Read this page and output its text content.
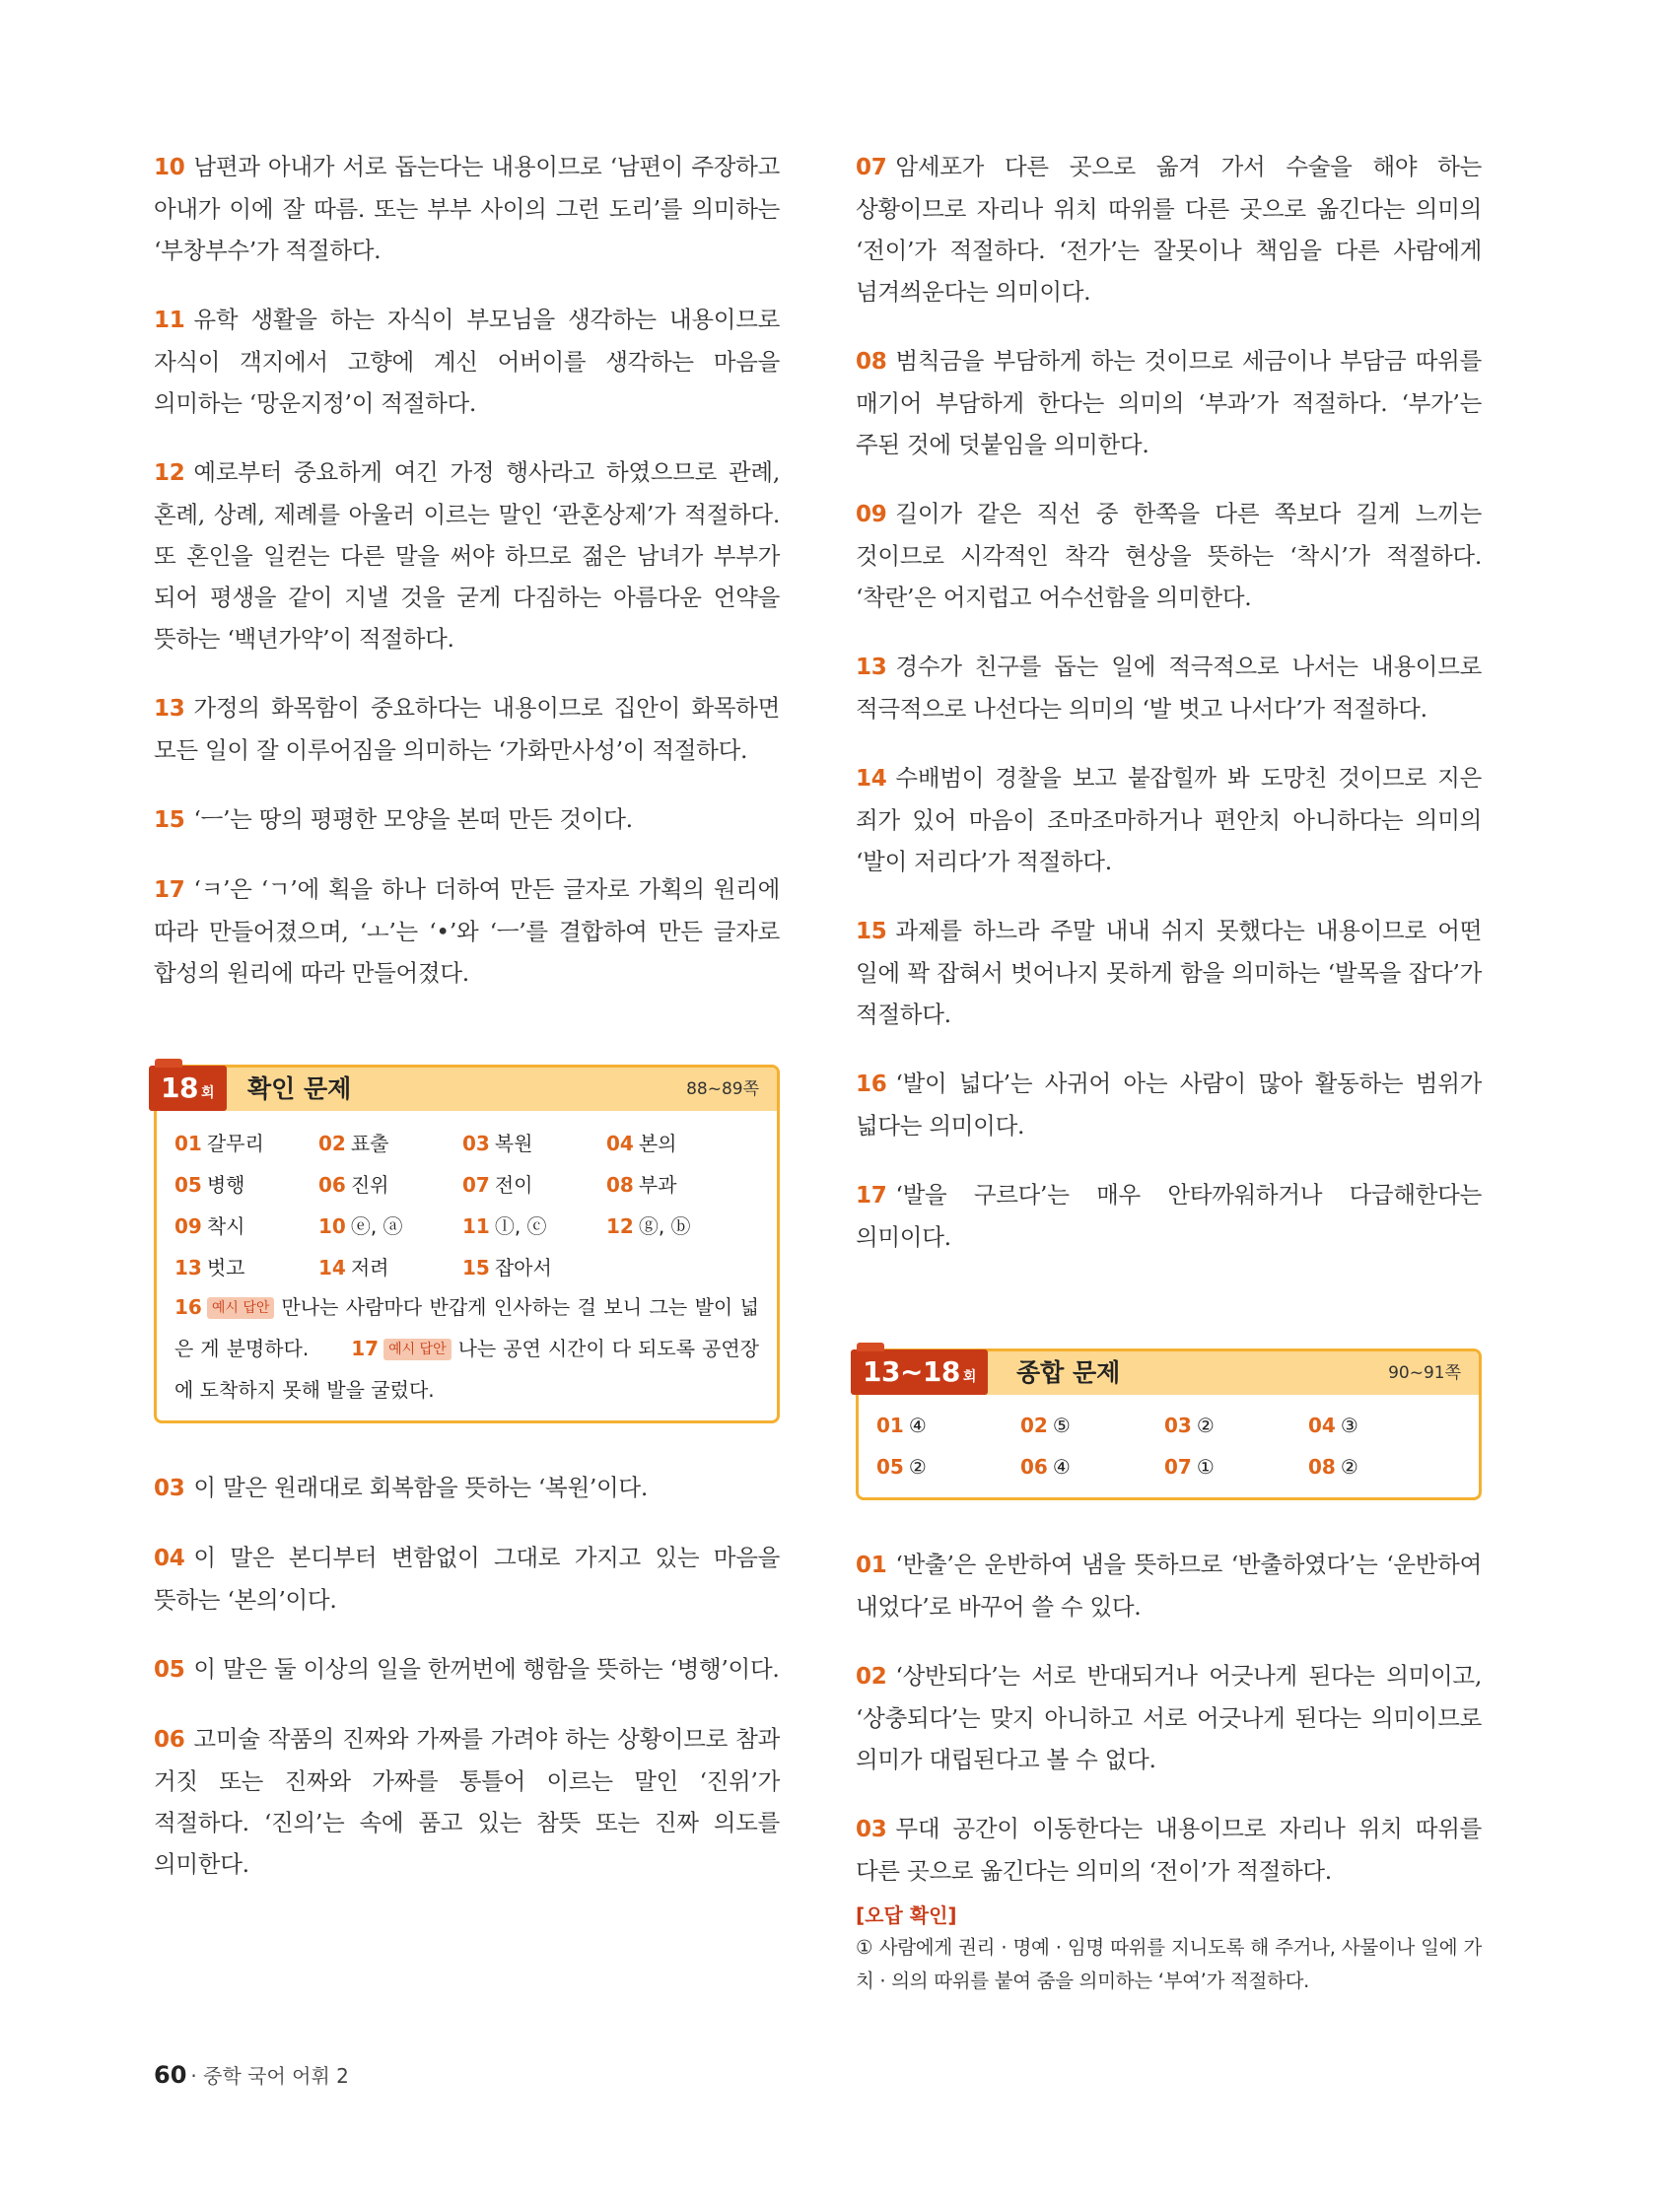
10 남편과 아내가 서로 돕는다는 내용이므로 ‘남편이 주장하고 아내가 이에 잘 따름. 또는 부부 사이의 그런 도리’를 의미하는 ‘부창부수’가 적절하다.

11 유학 생활을 하는 자식이 부모님을 생각하는 내용이므로 자식이 객지에서 고향에 계신 어버이를 생각하는 마음을 의미하는 ‘망운지정’이 적절하다.

12 예로부터 중요하게 여긴 가정 행사라고 하였으므로 관례, 혼례, 상례, 제례를 아울러 이르는 말인 ‘관혼상제’가 적절하다. 또 혼인을 일컫는 다른 말을 써야 하므로 젊은 남녀가 부부가 되어 평생을 같이 지낼 것을 굳게 다짐하는 아름다운 언약을 뜻하는 ‘백년가약’이 적절하다.

13 가정의 화목함이 중요하다는 내용이므로 집안이 화목하면 모든 일이 잘 이루어짐을 의미하는 ‘가화만사성’이 적절하다.

15 ‘ㅡ’는 땅의 평평한 모양을 본떠 만든 것이다.

17 ‘ㅋ’은 ‘ㄱ’에 획을 하나 더하여 만든 글자로 가획의 원리에 따라 만들어졌으며, ‘ㅗ’는 ‘•’와 ‘ㅡ’를 결합하여 만든 글자로 합성의 원리에 따라 만들어졌다.

18 회 확인 문제	88~89쪽
01 갈무리	02 표출	03 복원	04 본의
05 병행	06 진위	07 전이	08 부과
09 착시	10 ⓔ, ⓐ	11 ⓛ, ⓒ	12 ⓖ, ⓑ
13 벗고	14 저려	15 잡아서
16 예시 답안 만나는 사람마다 반갑게 인사하는 걸 보니 그는 발이 넓은 게 분명하다. 17 예시 답안 나는 공연 시간이 다 되도록 공연장에 도착하지 못해 발을 굴렀다.

03 이 말은 원래대로 회복함을 뜻하는 ‘복원’이다.

04 이 말은 본디부터 변함없이 그대로 가지고 있는 마음을 뜻하는 ‘본의’이다.

05 이 말은 둘 이상의 일을 한꺼번에 행함을 뜻하는 ‘병행’이다.

06 고미술 작품의 진짜와 가짜를 가려야 하는 상황이므로 참과 거짓 또는 진짜와 가짜를 통틀어 이르는 말인 ‘진위’가 적절하다. ‘진의’는 속에 품고 있는 참뜻 또는 진짜 의도를 의미한다.

07 암세포가 다른 곳으로 옮겨 가서 수술을 해야 하는 상황이므로 자리나 위치 따위를 다른 곳으로 옮긴다는 의미의 ‘전이’가 적절하다. ‘전가’는 잘못이나 책임을 다른 사람에게 넘겨씌운다는 의미이다.

08 범칙금을 부담하게 하는 것이므로 세금이나 부담금 따위를 매기어 부담하게 한다는 의미의 ‘부과’가 적절하다. ‘부가’는 주된 것에 덧붙임을 의미한다.

09 길이가 같은 직선 중 한쪽을 다른 쪽보다 길게 느끼는 것이므로 시각적인 착각 현상을 뜻하는 ‘착시’가 적절하다. ‘착란’은 어지럽고 어수선함을 의미한다.

13 경수가 친구를 돕는 일에 적극적으로 나서는 내용이므로 적극적으로 나선다는 의미의 ‘발 벗고 나서다’가 적절하다.

14 수배범이 경찰을 보고 붙잡힐까 봐 도망친 것이므로 지은 죄가 있어 마음이 조마조마하거나 편안치 아니하다는 의미의 ‘발이 저리다’가 적절하다.

15 과제를 하느라 주말 내내 쉬지 못했다는 내용이므로 어떤 일에 꽉 잡혀서 벗어나지 못하게 함을 의미하는 ‘발목을 잡다’가 적절하다.

16 ‘발이 넓다’는 사귀어 아는 사람이 많아 활동하는 범위가 넓다는 의미이다.

17 ‘발을 구르다’는 매우 안타까워하거나 다급해한다는 의미이다.

13~18 회 종합 문제	90~91쪽
01 ④	02 ⑤	03 ②	04 ③
05 ②	06 ④	07 ①	08 ②

01 ‘반출’은 운반하여 냄을 뜻하므로 ‘반출하였다’는 ‘운반하여 내었다’로 바꾸어 쓸 수 있다.

02 ‘상반되다’는 서로 반대되거나 어긋나게 된다는 의미이고, ‘상충되다’는 맞지 아니하고 서로 어긋나게 된다는 의미이므로 의미가 대립된다고 볼 수 없다.

03 무대 공간이 이동한다는 내용이므로 자리나 위치 따위를 다른 곳으로 옮긴다는 의미의 ‘전이’가 적절하다.

[오답 확인]
① 사람에게 권리 · 명예 · 임명 따위를 지니도록 해 주거나, 사물이나 일에 가치 · 의의 따위를 붙여 줌을 의미하는 ‘부여’가 적절하다.
60 · 중학 국어 어휘 2
